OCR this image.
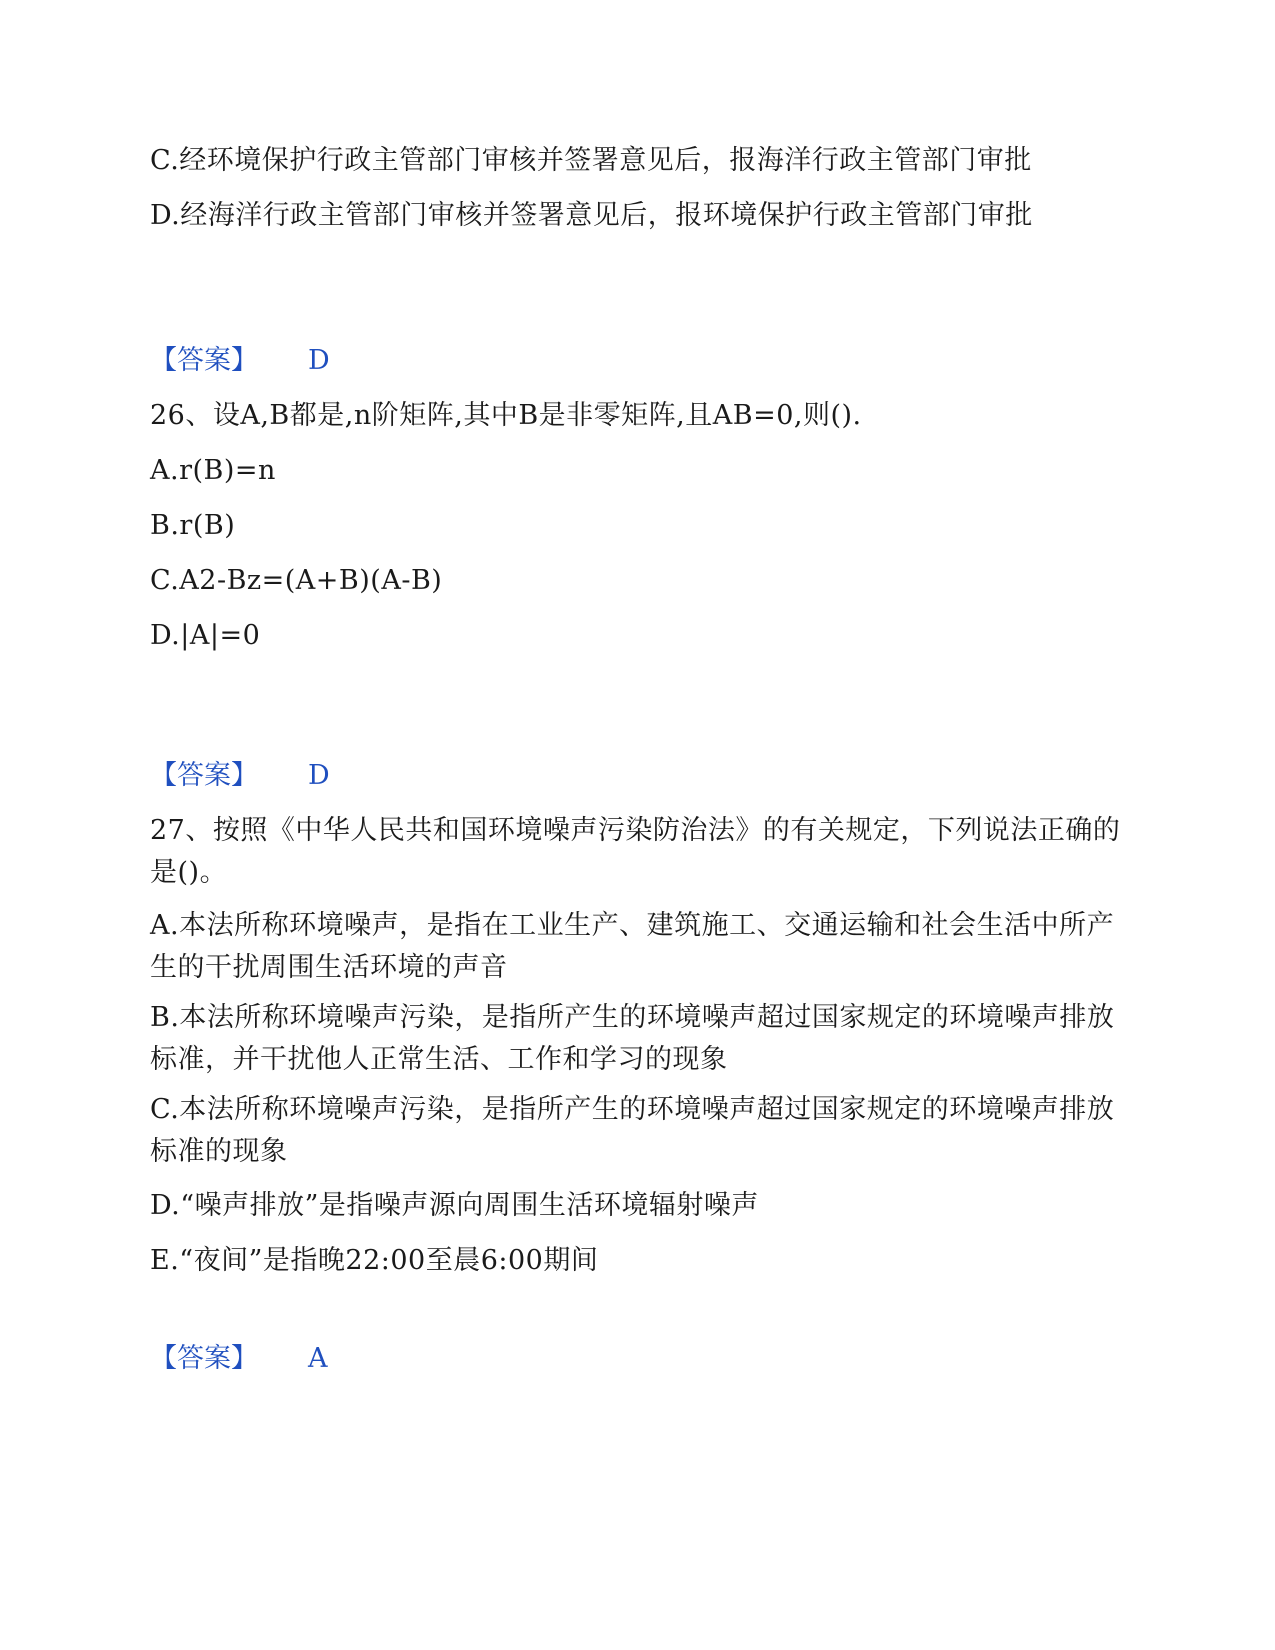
C.经环境保护行政主管部门审核并签署意见后，报海洋行政主管部门审批
D.经海洋行政主管部门审核并签署意见后，报环境保护行政主管部门审批
【答案】 D
26、设A,B都是,n阶矩阵,其中B是非零矩阵,且AB=0,则().
A.r(B)=n
B.r(B)
C.A2-Bz=(A+B)(A-B)
D.|A|=0
【答案】 D
27、按照《中华人民共和国环境噪声污染防治法》的有关规定，下列说法正确的是()。
A.本法所称环境噪声，是指在工业生产、建筑施工、交通运输和社会生活中所产生的干扰周围生活环境的声音
B.本法所称环境噪声污染，是指所产生的环境噪声超过国家规定的环境噪声排放标准，并干扰他人正常生活、工作和学习的现象
C.本法所称环境噪声污染，是指所产生的环境噪声超过国家规定的环境噪声排放标准的现象
D.“噪声排放”是指噪声源向周围生活环境辐射噪声
E.“夜间”是指晚22:00至晨6:00期间
【答案】 A
